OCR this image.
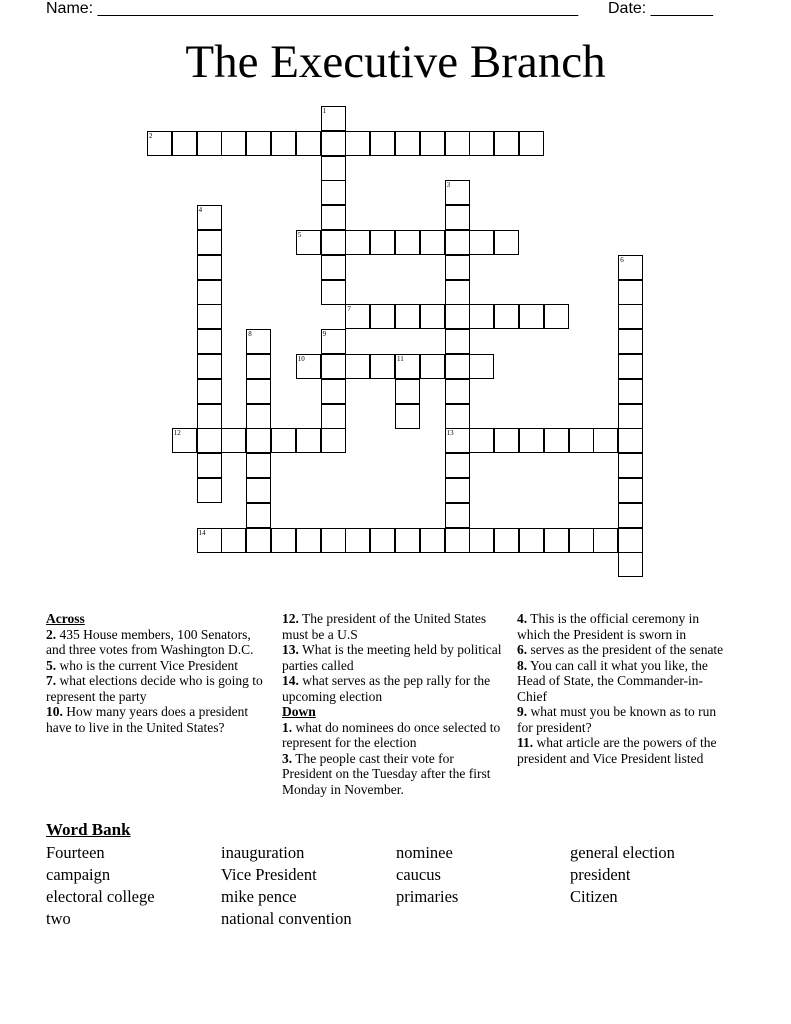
Name: ______________________________________________________ Date: _______
The Executive Branch
1
2
3
4
5
6
7
8	9
10	11
12	13
14
Across
2. 435 House members, 100 Senators, and three votes from Washington D.C.
5. who is the current Vice President
7. what elections decide who is going to represent the party
10. How many years does a president have to live in the United States?
12. The president of the United States must be a U.S
13. What is the meeting held by political parties called
14. what serves as the pep rally for the upcoming election
Down
1. what do nominees do once selected to represent for the election
3. The people cast their vote for President on the Tuesday after the first Monday in November.
4. This is the official ceremony in which the President is sworn in
6. serves as the president of the senate
8. You can call it what you like, the Head of State, the Commander-in-Chief
9. what must you be known as to run for president?
11. what article are the powers of the president and Vice President listed
Word Bank
Fourteen	inauguration	nominee	general election
campaign	Vice President	caucus	president
electoral college	mike pence	primaries	Citizen
two	national convention
